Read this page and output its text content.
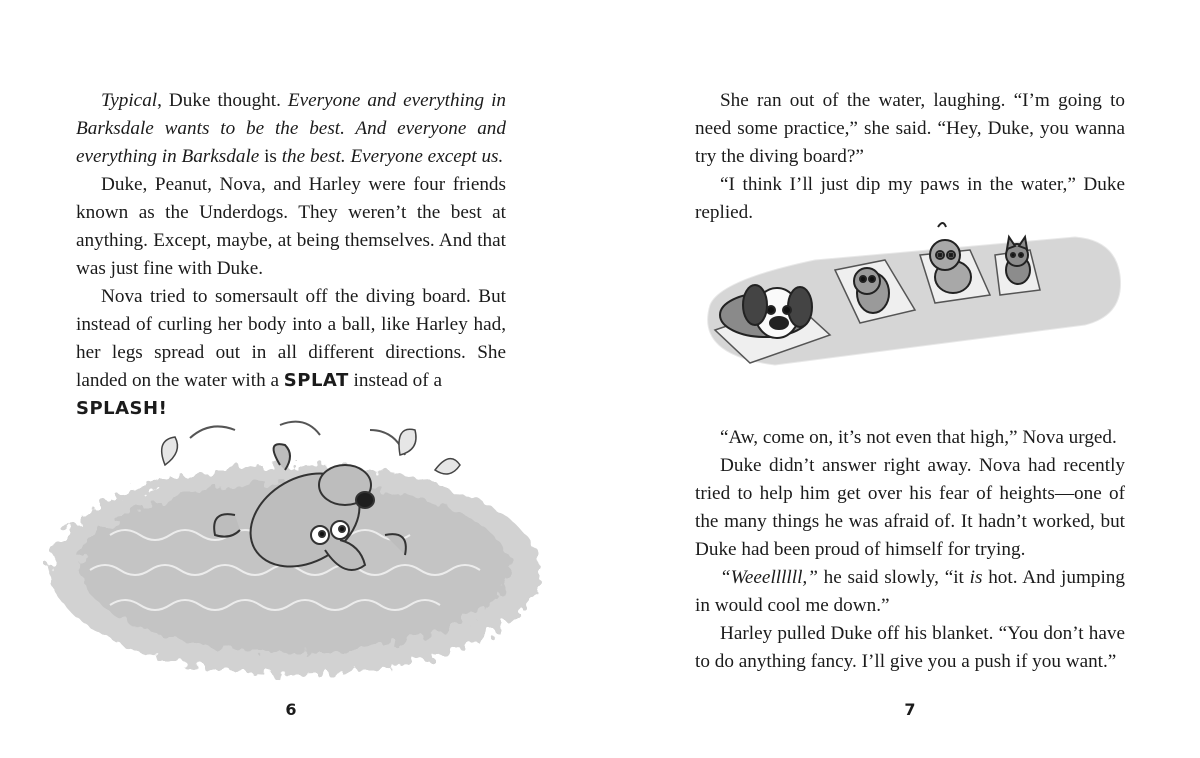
Typical, Duke thought. Everyone and everything in Barksdale wants to be the best. And everyone and everything in Barksdale is the best. Everyone except us.

Duke, Peanut, Nova, and Harley were four friends known as the Underdogs. They weren’t the best at anything. Except, maybe, at being themselves. And that was just fine with Duke.

Nova tried to somersault off the diving board. But instead of curling her body into a ball, like Harley had, her legs spread out in all different directions. She landed on the water with a SPLAT instead of a

SPLASH!

6

She ran out of the water, laughing. “I’m going to need some practice,” she said. “Hey, Duke, you wanna try the diving board?”

“I think I’ll just dip my paws in the water,” Duke replied.

“Aw, come on, it’s not even that high,” Nova urged.

Duke didn’t answer right away. Nova had recently tried to help him get over his fear of heights—one of the many things he was afraid of. It hadn’t worked, but Duke had been proud of himself for trying.

“Weeellllll,” he said slowly, “it is hot. And jumping in would cool me down.”

Harley pulled Duke off his blanket. “You don’t have to do anything fancy. I’ll give you a push if you want.”

7
